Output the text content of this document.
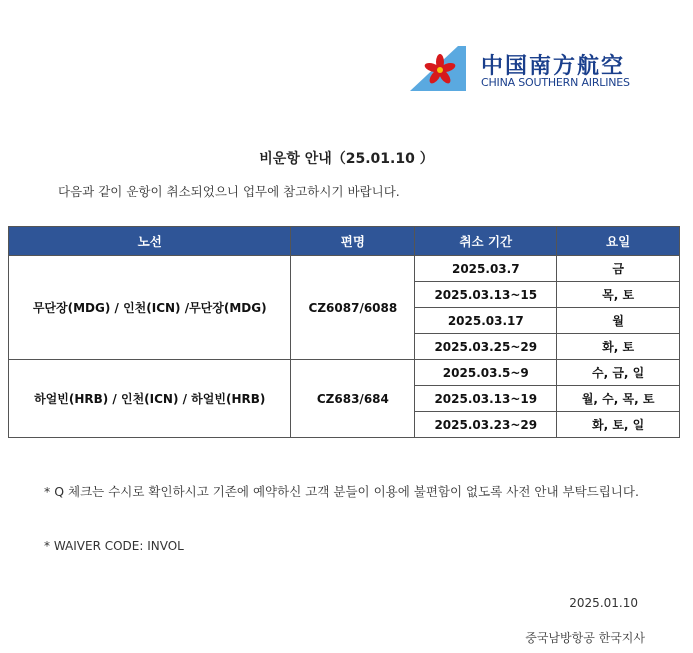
中国南方航空
CHINA SOUTHERN AIRLINES
비운항 안내（25.01.10 ）
다음과 같이 운항이 취소되었으니 업무에 참고하시기 바랍니다.
노선	편명	취소 기간	요일
무단장(MDG) / 인천(ICN) /무단장(MDG)	CZ6087/6088	2025.03.7	금
		2025.03.13~15	목, 토
		2025.03.17	월
		2025.03.25~29	화, 토
하얼빈(HRB) / 인천(ICN) / 하얼빈(HRB)	CZ683/684	2025.03.5~9	수, 금, 일
		2025.03.13~19	월, 수, 목, 토
		2025.03.23~29	화, 토, 일
* Q 체크는 수시로 확인하시고 기존에 예약하신 고객 분들이 이용에 불편함이 없도록 사전 안내 부탁드립니다.
* WAIVER CODE: INVOL
2025.01.10
중국남방항공 한국지사
